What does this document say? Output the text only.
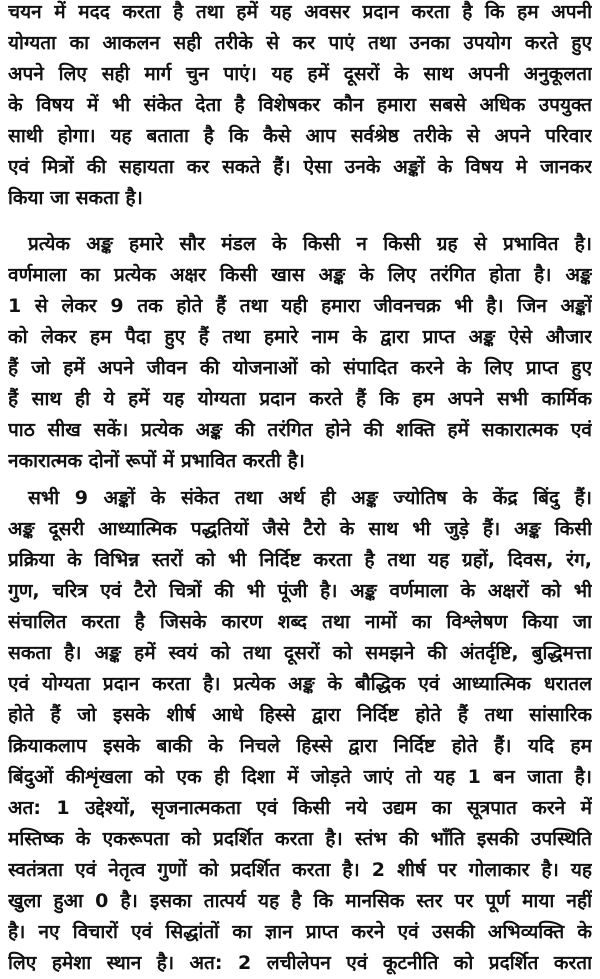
चयन में मदद करता है तथा हमें यह अवसर प्रदान करता है कि हम अपनी
योग्यता का आकलन सही तरीके से कर पाएं तथा उनका उपयोग करते हुए
अपने लिए सही मार्ग चुन पाएं। यह हमें दूसरों के साथ अपनी अनुकूलता
के विषय में भी संकेत देता है विशेषकर कौन हमारा सबसे अधिक उपयुक्त
साथी होगा। यह बताता है कि कैसे आप सर्वश्रेष्ठ तरीके से अपने परिवार
एवं मित्रों की सहायता कर सकते हैं। ऐसा उनके अङ्कों के विषय मे जानकर
किया जा सकता है।
प्रत्येक अङ्क हमारे सौर मंडल के किसी न किसी ग्रह से प्रभावित है।
वर्णमाला का प्रत्येक अक्षर किसी खास अङ्क के लिए तरंगित होता है। अङ्क
1 से लेकर 9 तक होते हैं तथा यही हमारा जीवनचक्र भी है। जिन अङ्कों
को लेकर हम पैदा हुए हैं तथा हमारे नाम के द्वारा प्राप्त अङ्क ऐसे औजार
हैं जो हमें अपने जीवन की योजनाओं को संपादित करने के लिए प्राप्त हुए
हैं साथ ही ये हमें यह योग्यता प्रदान करते हैं कि हम अपने सभी कार्मिक
पाठ सीख सकें। प्रत्येक अङ्क की तरंगित होने की शक्ति हमें सकारात्मक एवं
नकारात्मक दोनों रूपों में प्रभावित करती है।
सभी 9 अङ्कों के संकेत तथा अर्थ ही अङ्क ज्योतिष के केंद्र बिंदु हैं।
अङ्क दूसरी आध्यात्मिक पद्धतियों जैसे टैरो के साथ भी जुड़े हैं। अङ्क किसी
प्रक्रिया के विभिन्न स्तरों को भी निर्दिष्ट करता है तथा यह ग्रहों, दिवस, रंग,
गुण, चरित्र एवं टैरो चित्रों की भी पूंजी है। अङ्क वर्णमाला के अक्षरों को भी
संचालित करता है जिसके कारण शब्द तथा नामों का विश्लेषण किया जा
सकता है। अङ्क हमें स्वयं को तथा दूसरों को समझने की अंतर्दृष्टि, बुद्धिमत्ता
एवं योग्यता प्रदान करता है। प्रत्येक अङ्क के बौद्धिक एवं आध्यात्मिक धरातल
होते हैं जो इसके शीर्ष आधे हिस्से द्वारा निर्दिष्ट होते हैं तथा सांसारिक
क्रियाकलाप इसके बाकी के निचले हिस्से द्वारा निर्दिष्ट होते हैं। यदि हम
बिंदुओं कीशृंखला को एक ही दिशा में जोड़ते जाएं तो यह 1 बन जाता है।
अत: 1 उद्देश्यों, सृजनात्मकता एवं किसी नये उद्यम का सूत्रपात करने में
मस्तिष्क के एकरूपता को प्रदर्शित करता है। स्तंभ की भाँति इसकी उपस्थिति
स्वतंत्रता एवं नेतृत्व गुणों को प्रदर्शित करता है। 2 शीर्ष पर गोलाकार है। यह
खुला हुआ 0 है। इसका तात्पर्य यह है कि मानसिक स्तर पर पूर्ण माया नहीं
है। नए विचारों एवं सिद्धांतों का ज्ञान प्राप्त करने एवं उसकी अभिव्यक्ति के
लिए हमेशा स्थान है। अत: 2 लचीलेपन एवं कूटनीति को प्रदर्शित करता
